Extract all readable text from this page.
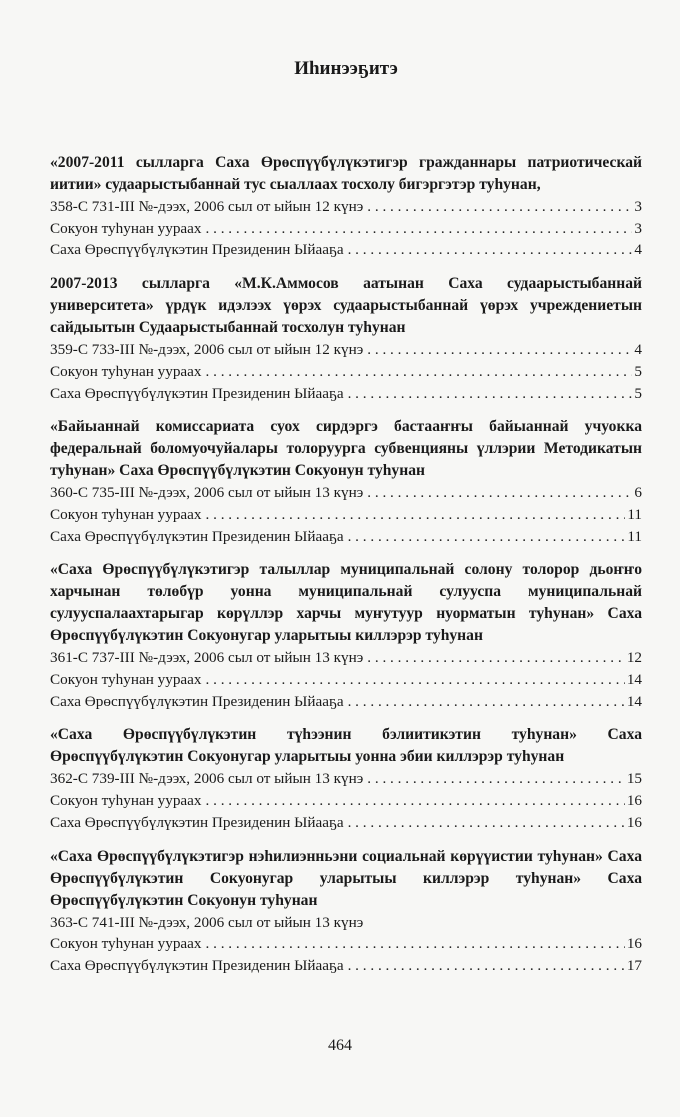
Иһинээҕитэ
«2007-2011 сылларга Саха Өрөспүүбүлүкэтигэр гражданнары патриотическай иитии» судаарыстыбаннай тус сыаллаах тосхолу бигэргэтэр туһунан,
358-С 731-III №-дээх, 2006 сыл от ыйын 12 күнэ . . .	3
Сокуон туһунан уураах . . .	3
Саха Өрөспүүбүлүкэтин Президенин Ыйааҕа . . .	4
2007-2013 сылларга «М.К.Аммосов аатынан Саха судаарыстыбаннай университета» үрдүк идэлээх үөрэх судаарыстыбаннай үөрэх учреждениетын сайдыытын Судаарыстыбаннай тосхолун туһунан
359-С 733-III №-дээх, 2006 сыл от ыйын 12 күнэ . . .	4
Сокуон туһунан уураах . . .	5
Саха Өрөспүүбүлүкэтин Президенин Ыйааҕа . . .	5
«Байыаннай комиссариата суох сирдэргэ бастааҥҥы байыаннай учуокка федеральнай боломуочуйалары толоруурга субвенцияны үллэрии Методикатын туһунан» Саха Өрөспүүбүлүкэтин Сокуонун туһунан
360-С 735-III №-дээх, 2006 сыл от ыйын 13 күнэ . . .	6
Сокуон туһунан уураах . . .	11
Саха Өрөспүүбүлүкэтин Президенин Ыйааҕа . . .	11
«Саха Өрөспүүбүлүкэтигэр талыллар муниципальнай солону толорор дьоҥҥо харчынан төлөбүр уонна муниципальнай сулууспа муниципальнай сулууспалаахтарыгар көрүллэр харчы муҥутуур нуорматын туһунан» Саха Өрөспүүбүлүкэтин Сокуонугар уларытыы киллэрэр туһунан
361-С 737-III №-дээх, 2006 сыл от ыйын 13 күнэ . . .	12
Сокуон туһунан уураах . . .	14
Саха Өрөспүүбүлүкэтин Президенин Ыйааҕа . . .	14
«Саха Өрөспүүбүлүкэтин түһээнин бэлиитикэтин туһунан» Саха Өрөспүүбүлүкэтин Сокуонугар уларытыы уонна эбии киллэрэр туһунан
362-С 739-III №-дээх, 2006 сыл от ыйын 13 күнэ . . .	15
Сокуон туһунан уураах . . .	16
Саха Өрөспүүбүлүкэтин Президенин Ыйааҕа . . .	16
«Саха Өрөспүүбүлүкэтигэр нэһилиэнньэни социальнай көрүүистии туһунан» Саха Өрөспүүбүлүкэтин Сокуонугар уларытыы киллэрэр туһунан» Саха Өрөспүүбүлүкэтин Сокуонун туһунан
363-С 741-III №-дээх, 2006 сыл от ыйын 13 күнэ
Сокуон туһунан уураах . . .	16
Саха Өрөспүүбүлүкэтин Президенин Ыйааҕа . . .	17
464
